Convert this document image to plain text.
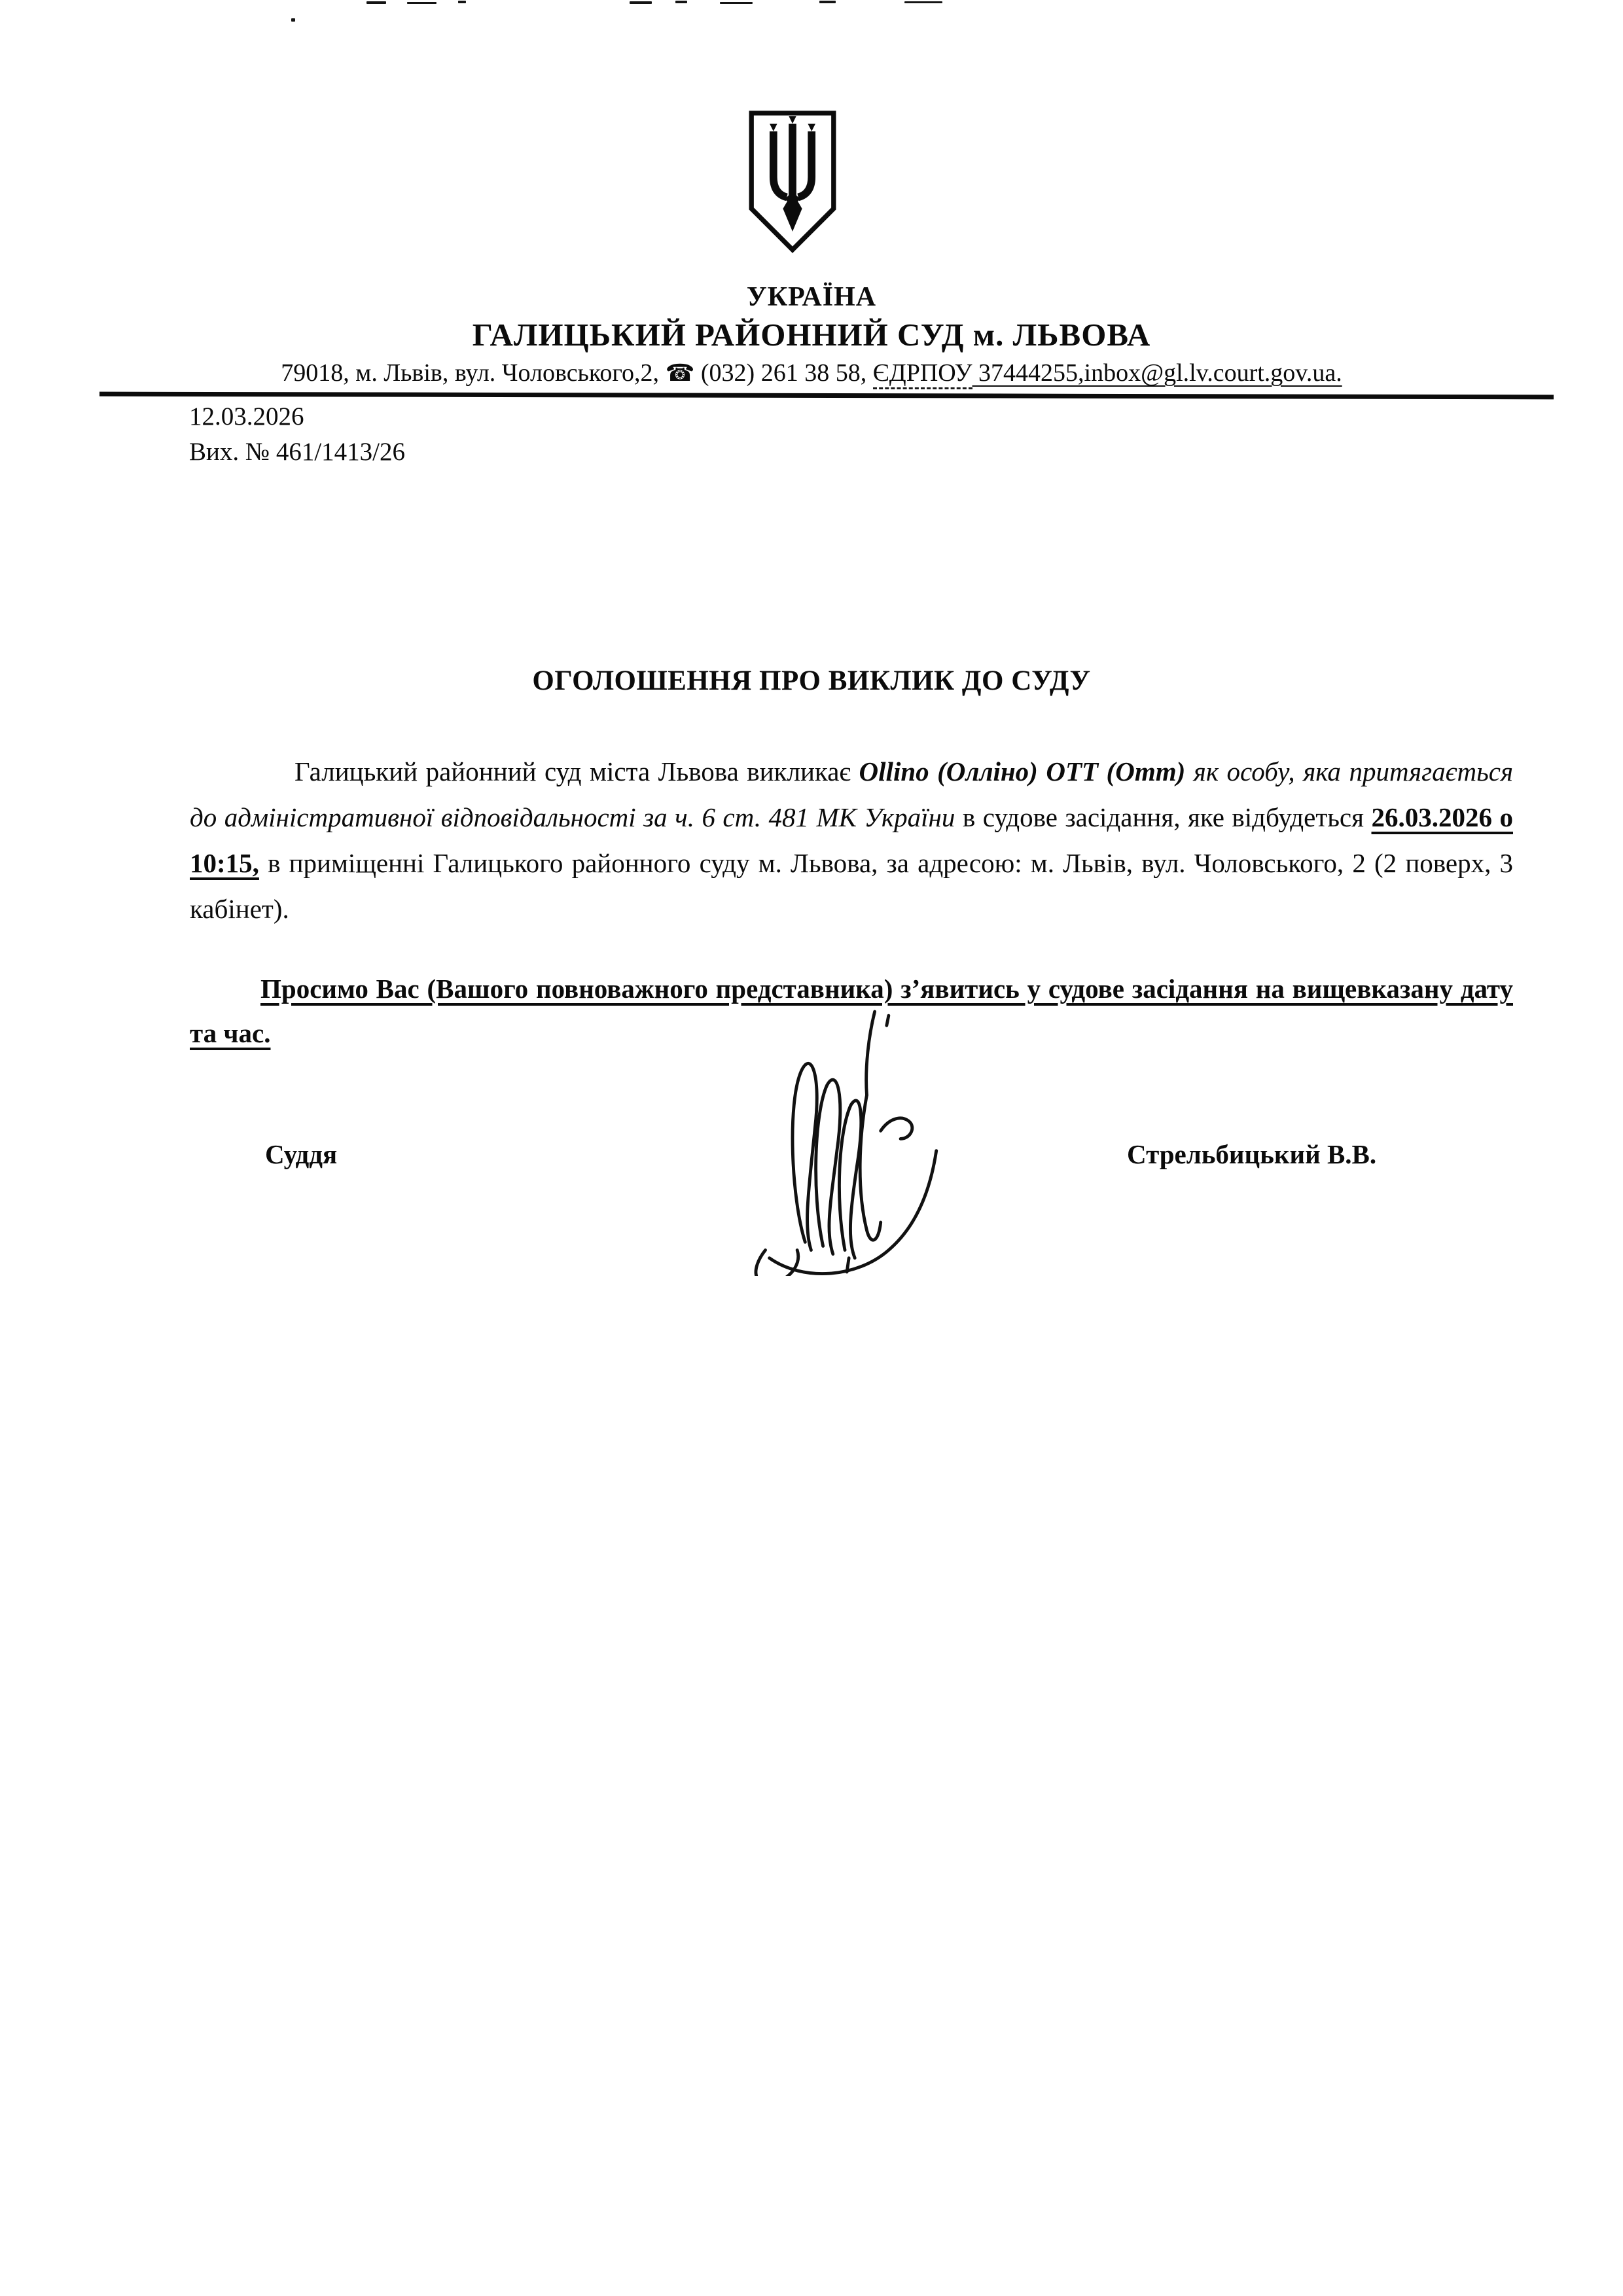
УКРАЇНА
ГАЛИЦЬКИЙ РАЙОННИЙ СУД м. ЛЬВОВА
79018, м. Львів, вул. Чоловського,2, ☎ (032) 261 38 58, ЄДРПОУ 37444255,inbox@gl.lv.court.gov.ua.
12.03.2026
Вих. № 461/1413/26
ОГОЛОШЕННЯ ПРО ВИКЛИК ДО СУДУ

Галицький районний суд міста Львова викликає Ollino (Олліно) ОТТ (Отт) як особу, яка притягається до адміністративної відповідальності за ч. 6 ст. 481 МК України в судове засідання, яке відбудеться 26.03.2026 о 10:15, в приміщенні Галицького районного суду м. Львова, за адресою: м. Львів, вул. Чоловського, 2 (2 поверх, 3 кабінет).

Просимо Вас (Вашого повноважного представника) з’явитись у судове засідання на вищевказану дату та час.

Суддя	Стрельбицький В.В.
